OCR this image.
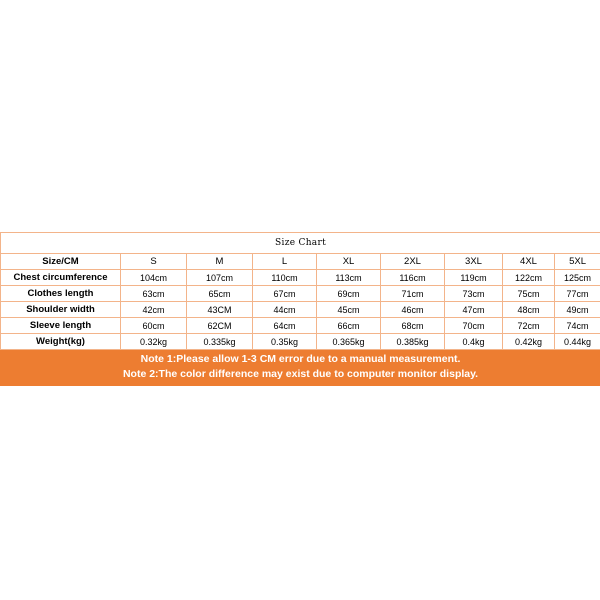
Size Chart								
Size/CM	S	M	L	XL	2XL	3XL	4XL	5XL
Chest circumference	104cm	107cm	110cm	113cm	116cm	119cm	122cm	125cm
Clothes length	63cm	65cm	67cm	69cm	71cm	73cm	75cm	77cm
Shoulder width	42cm	43CM	44cm	45cm	46cm	47cm	48cm	49cm
Sleeve length	60cm	62CM	64cm	66cm	68cm	70cm	72cm	74cm
Weight(kg)	0.32kg	0.335kg	0.35kg	0.365kg	0.385kg	0.4kg	0.42kg	0.44kg

Note 1:Please allow 1-3 CM error due to a manual measurement.
Note 2:The color difference may exist due to computer monitor display.								
